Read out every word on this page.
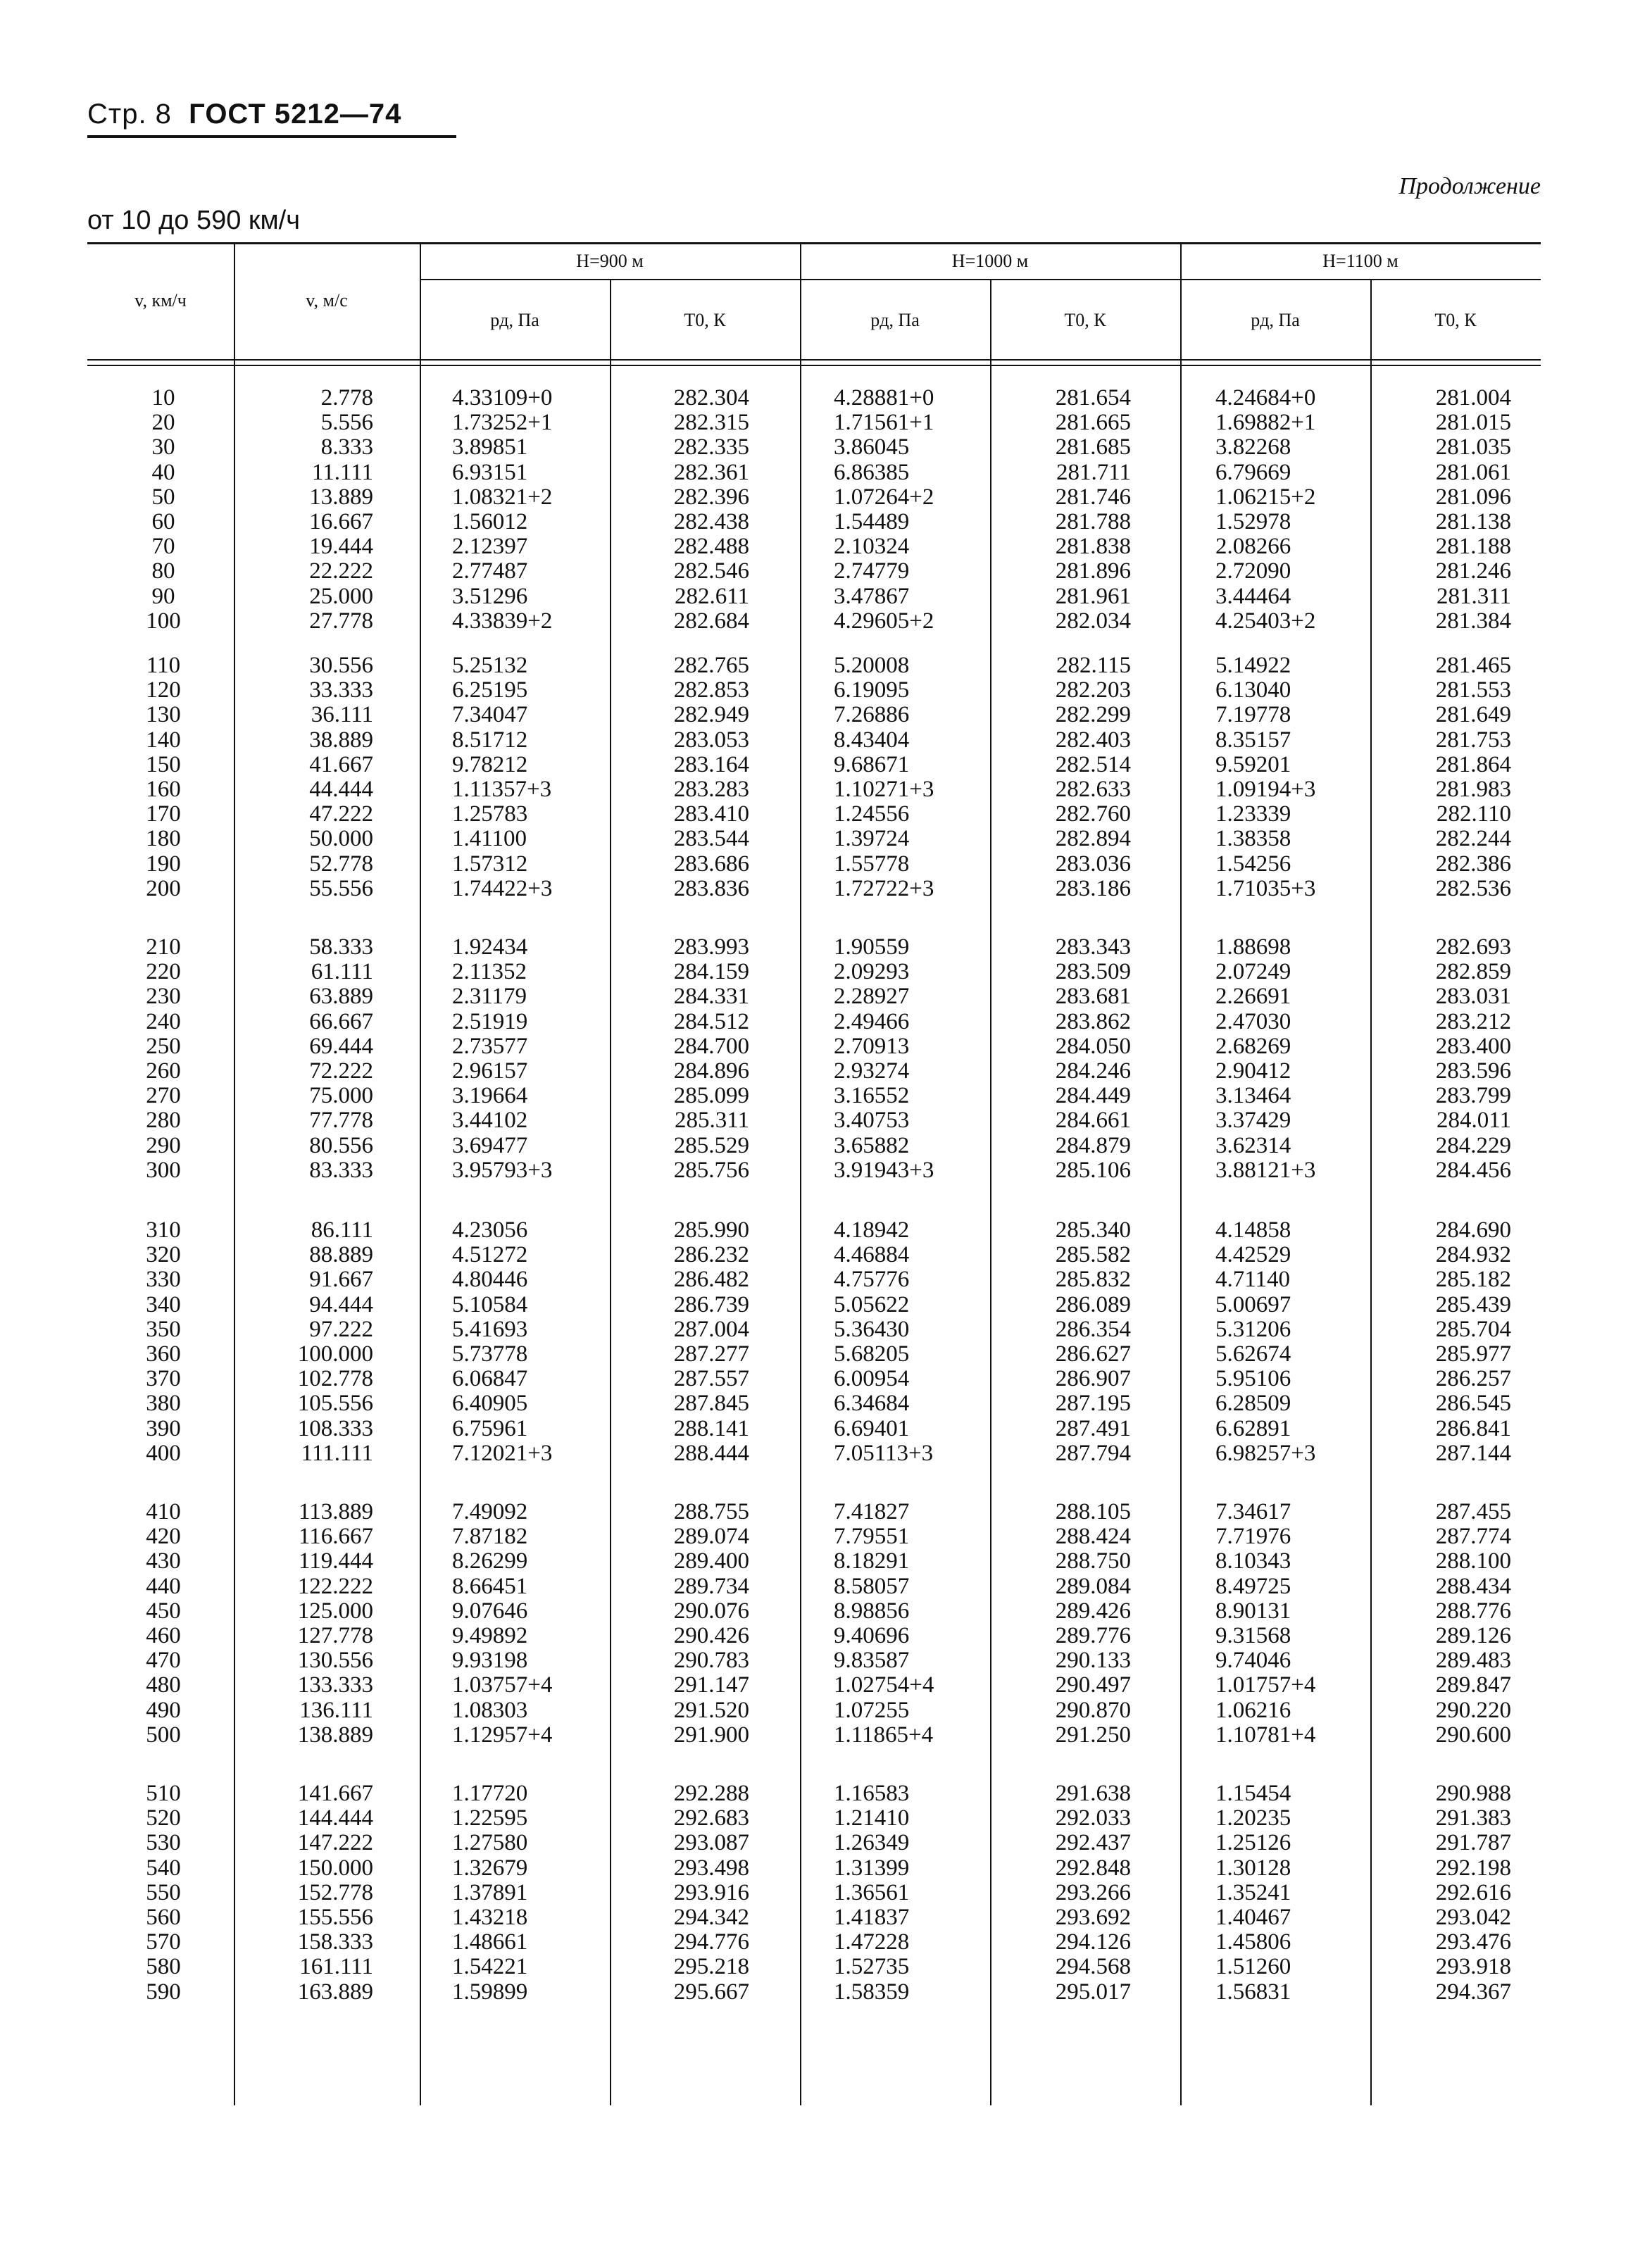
Стр. 8 ГОСТ 5212—74
Продолжение
от 10 до 590 км/ч
v, км/ч	v, м/с
H=900 м
pд, Па	T0, К
H=1000 м
pд, Па	T0, К
H=1100 м
pд, Па	T0, К
10	2.778	4.33109+0	282.304	4.28881+0	281.654	4.24684+0	281.004
20	5.556	1.73252+1	282.315	1.71561+1	281.665	1.69882+1	281.015
30	8.333	3.89851	282.335	3.86045	281.685	3.82268	281.035
40	11.111	6.93151	282.361	6.86385	281.711	6.79669	281.061
50	13.889	1.08321+2	282.396	1.07264+2	281.746	1.06215+2	281.096
60	16.667	1.56012	282.438	1.54489	281.788	1.52978	281.138
70	19.444	2.12397	282.488	2.10324	281.838	2.08266	281.188
80	22.222	2.77487	282.546	2.74779	281.896	2.72090	281.246
90	25.000	3.51296	282.611	3.47867	281.961	3.44464	281.311
100	27.778	4.33839+2	282.684	4.29605+2	282.034	4.25403+2	281.384
110	30.556	5.25132	282.765	5.20008	282.115	5.14922	281.465
120	33.333	6.25195	282.853	6.19095	282.203	6.13040	281.553
130	36.111	7.34047	282.949	7.26886	282.299	7.19778	281.649
140	38.889	8.51712	283.053	8.43404	282.403	8.35157	281.753
150	41.667	9.78212	283.164	9.68671	282.514	9.59201	281.864
160	44.444	1.11357+3	283.283	1.10271+3	282.633	1.09194+3	281.983
170	47.222	1.25783	283.410	1.24556	282.760	1.23339	282.110
180	50.000	1.41100	283.544	1.39724	282.894	1.38358	282.244
190	52.778	1.57312	283.686	1.55778	283.036	1.54256	282.386
200	55.556	1.74422+3	283.836	1.72722+3	283.186	1.71035+3	282.536
210	58.333	1.92434	283.993	1.90559	283.343	1.88698	282.693
220	61.111	2.11352	284.159	2.09293	283.509	2.07249	282.859
230	63.889	2.31179	284.331	2.28927	283.681	2.26691	283.031
240	66.667	2.51919	284.512	2.49466	283.862	2.47030	283.212
250	69.444	2.73577	284.700	2.70913	284.050	2.68269	283.400
260	72.222	2.96157	284.896	2.93274	284.246	2.90412	283.596
270	75.000	3.19664	285.099	3.16552	284.449	3.13464	283.799
280	77.778	3.44102	285.311	3.40753	284.661	3.37429	284.011
290	80.556	3.69477	285.529	3.65882	284.879	3.62314	284.229
300	83.333	3.95793+3	285.756	3.91943+3	285.106	3.88121+3	284.456
310	86.111	4.23056	285.990	4.18942	285.340	4.14858	284.690
320	88.889	4.51272	286.232	4.46884	285.582	4.42529	284.932
330	91.667	4.80446	286.482	4.75776	285.832	4.71140	285.182
340	94.444	5.10584	286.739	5.05622	286.089	5.00697	285.439
350	97.222	5.41693	287.004	5.36430	286.354	5.31206	285.704
360	100.000	5.73778	287.277	5.68205	286.627	5.62674	285.977
370	102.778	6.06847	287.557	6.00954	286.907	5.95106	286.257
380	105.556	6.40905	287.845	6.34684	287.195	6.28509	286.545
390	108.333	6.75961	288.141	6.69401	287.491	6.62891	286.841
400	111.111	7.12021+3	288.444	7.05113+3	287.794	6.98257+3	287.144
410	113.889	7.49092	288.755	7.41827	288.105	7.34617	287.455
420	116.667	7.87182	289.074	7.79551	288.424	7.71976	287.774
430	119.444	8.26299	289.400	8.18291	288.750	8.10343	288.100
440	122.222	8.66451	289.734	8.58057	289.084	8.49725	288.434
450	125.000	9.07646	290.076	8.98856	289.426	8.90131	288.776
460	127.778	9.49892	290.426	9.40696	289.776	9.31568	289.126
470	130.556	9.93198	290.783	9.83587	290.133	9.74046	289.483
480	133.333	1.03757+4	291.147	1.02754+4	290.497	1.01757+4	289.847
490	136.111	1.08303	291.520	1.07255	290.870	1.06216	290.220
500	138.889	1.12957+4	291.900	1.11865+4	291.250	1.10781+4	290.600
510	141.667	1.17720	292.288	1.16583	291.638	1.15454	290.988
520	144.444	1.22595	292.683	1.21410	292.033	1.20235	291.383
530	147.222	1.27580	293.087	1.26349	292.437	1.25126	291.787
540	150.000	1.32679	293.498	1.31399	292.848	1.30128	292.198
550	152.778	1.37891	293.916	1.36561	293.266	1.35241	292.616
560	155.556	1.43218	294.342	1.41837	293.692	1.40467	293.042
570	158.333	1.48661	294.776	1.47228	294.126	1.45806	293.476
580	161.111	1.54221	295.218	1.52735	294.568	1.51260	293.918
590	163.889	1.59899	295.667	1.58359	295.017	1.56831	294.367
